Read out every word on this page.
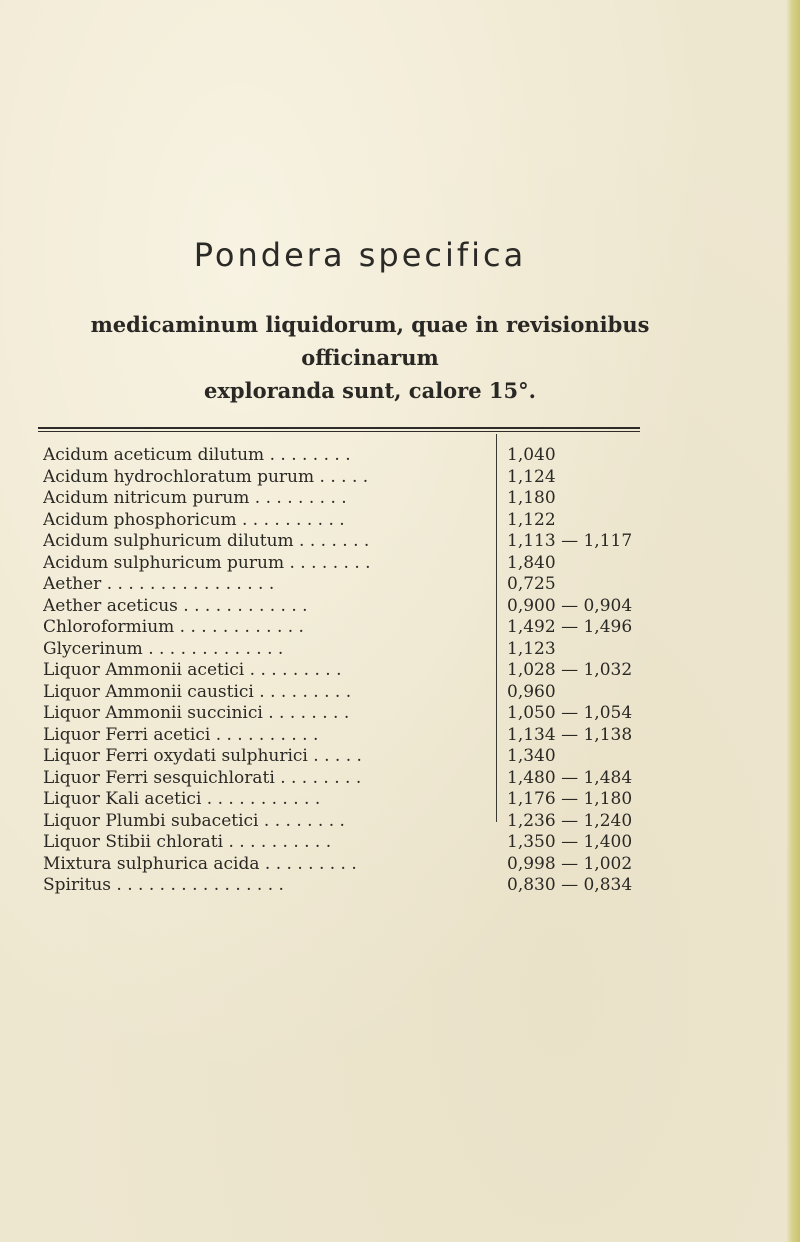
Pondera specifica
medicaminum liquidorum, quae in revisionibus officinarum
exploranda sunt, calore 15°.
Acidum aceticum dilutum . . . . . . . .	1,040
Acidum hydrochloratum purum . . . . .	1,124
Acidum nitricum purum . . . . . . . . .	1,180
Acidum phosphoricum . . . . . . . . . .	1,122
Acidum sulphuricum dilutum . . . . . . .	1,113 — 1,117
Acidum sulphuricum purum . . . . . . . .	1,840
Aether . . . . . . . . . . . . . . . .	0,725
Aether aceticus . . . . . . . . . . . .	0,900 — 0,904
Chloroformium . . . . . . . . . . . .	1,492 — 1,496
Glycerinum . . . . . . . . . . . . .	1,123
Liquor Ammonii acetici . . . . . . . . .	1,028 — 1,032
Liquor Ammonii caustici . . . . . . . . .	0,960
Liquor Ammonii succinici . . . . . . . .	1,050 — 1,054
Liquor Ferri acetici . . . . . . . . . .	1,134 — 1,138
Liquor Ferri oxydati sulphurici . . . . .	1,340
Liquor Ferri sesquichlorati . . . . . . . .	1,480 — 1,484
Liquor Kali acetici . . . . . . . . . . .	1,176 — 1,180
Liquor Plumbi subacetici . . . . . . . .	1,236 — 1,240
Liquor Stibii chlorati . . . . . . . . . .	1,350 — 1,400
Mixtura sulphurica acida . . . . . . . . .	0,998 — 1,002
Spiritus . . . . . . . . . . . . . . . .	0,830 — 0,834
